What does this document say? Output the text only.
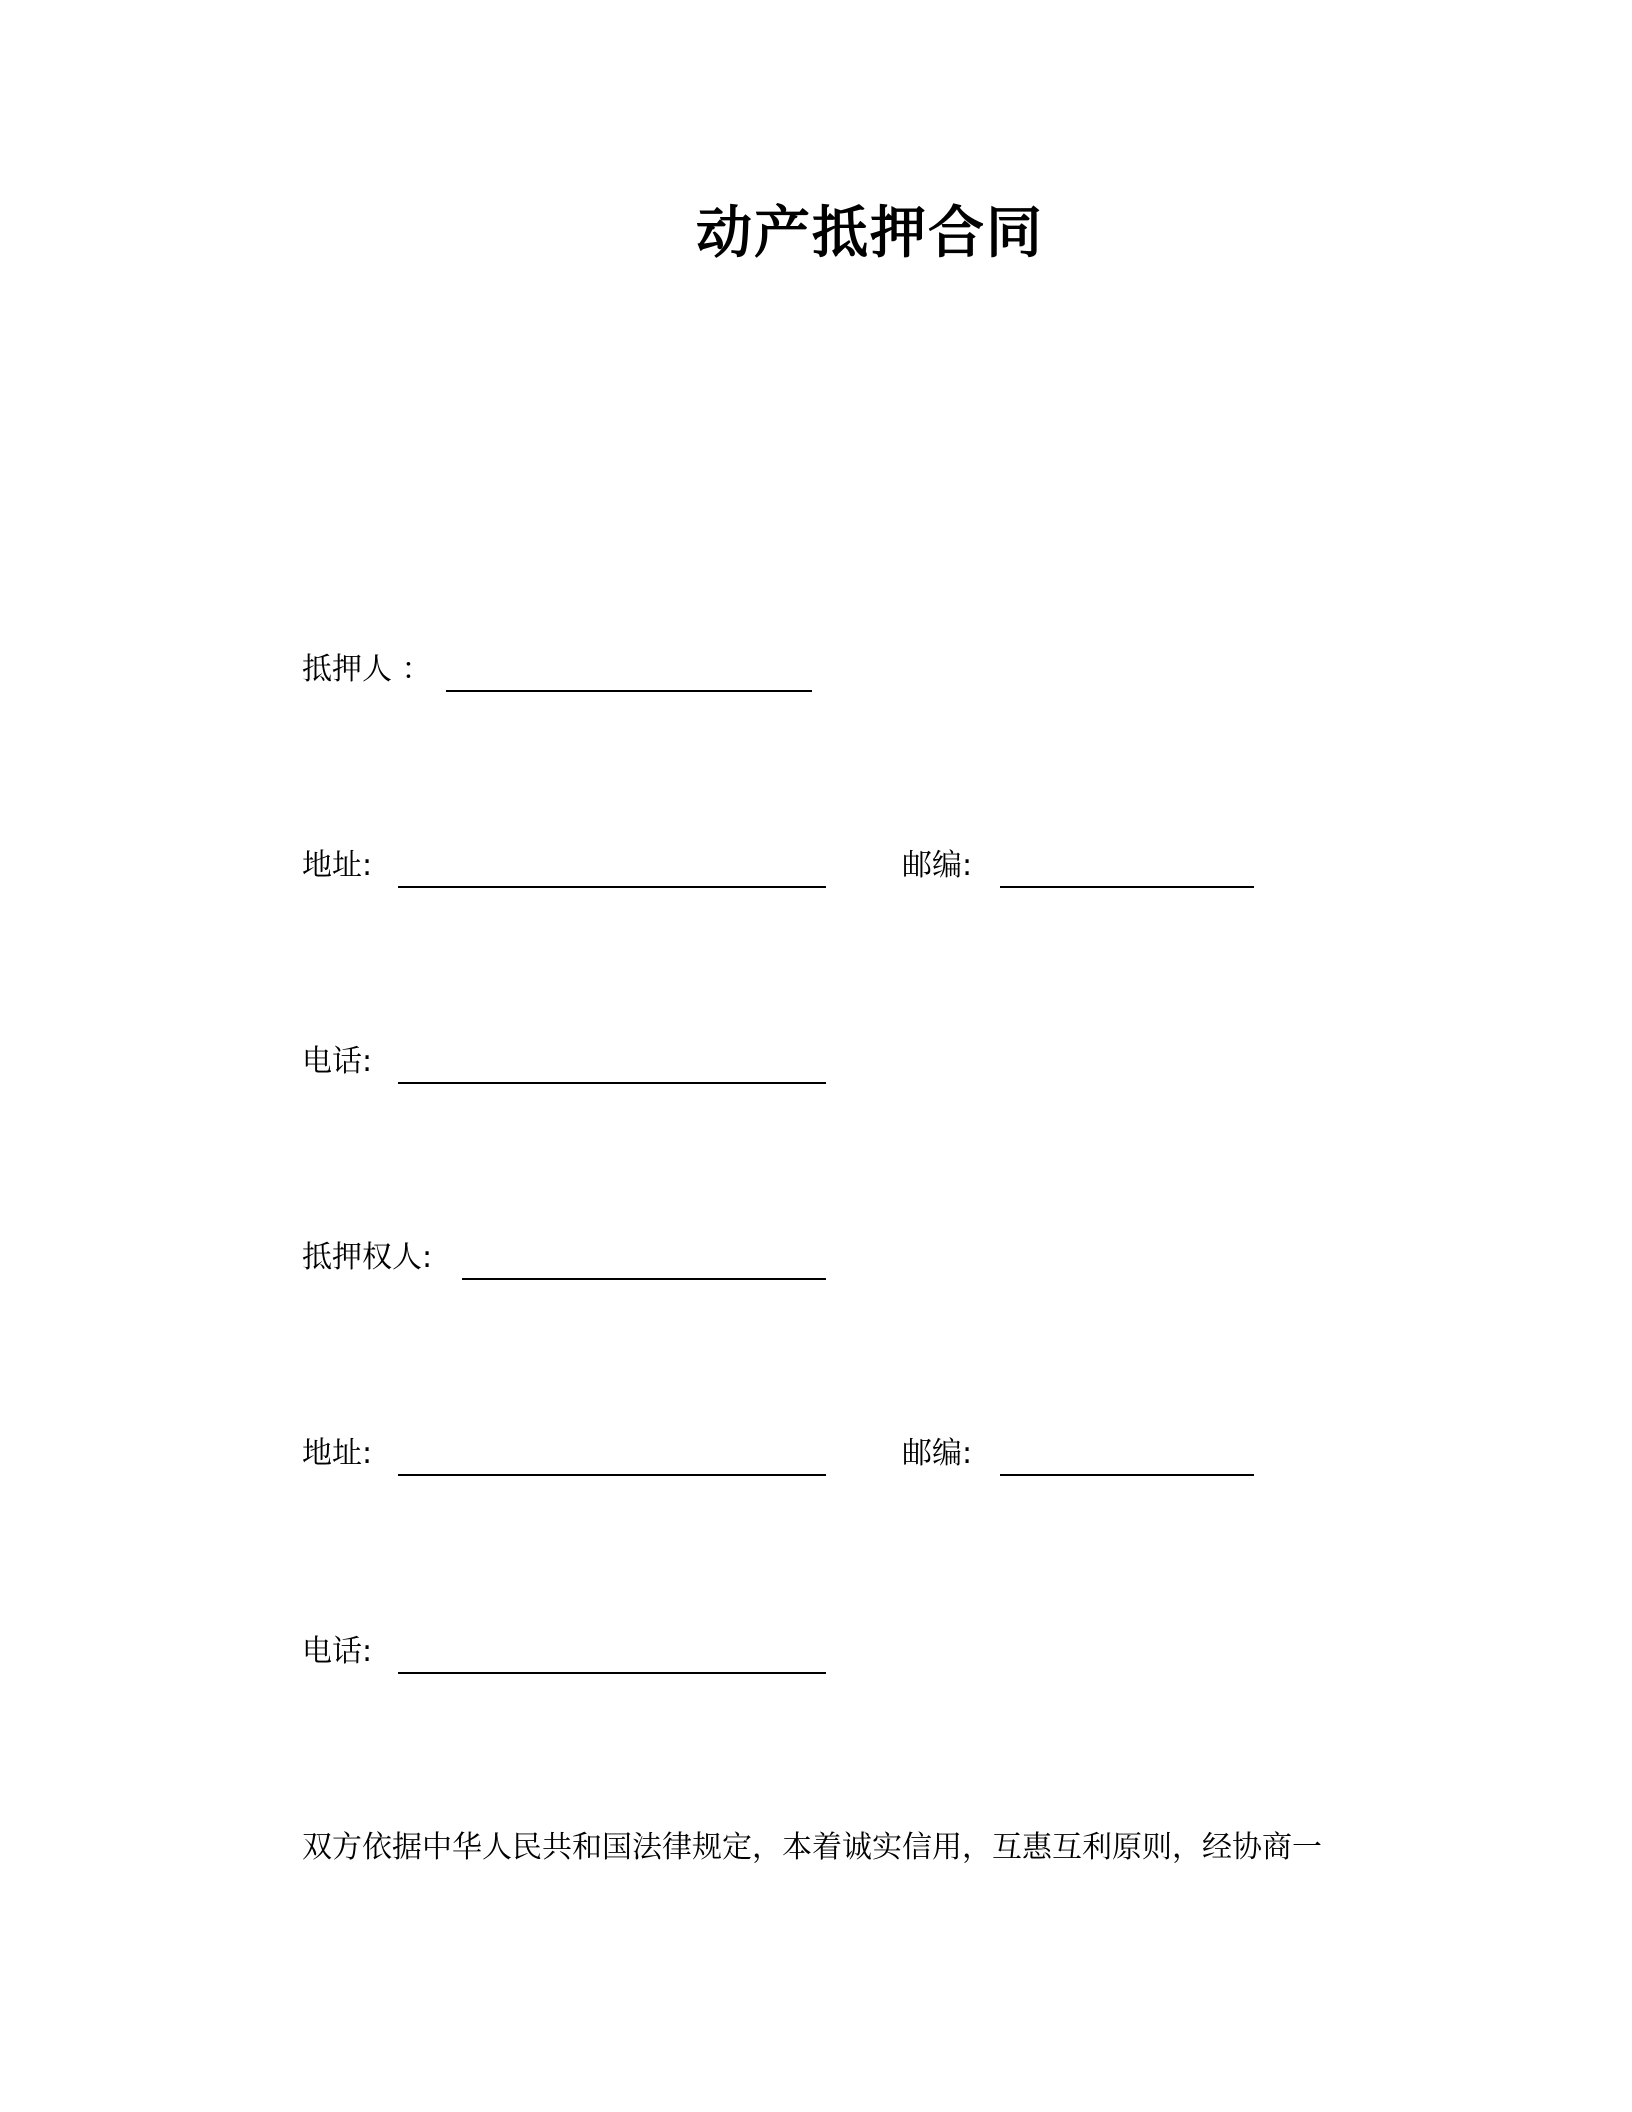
动产抵押合同
抵押人 ：
地址:	邮编:
电话:
抵押权人:
地址:	邮编:
电话:
双方依据中华人民共和国法律规定，本着诚实信用，互惠互利原则，经协商一
